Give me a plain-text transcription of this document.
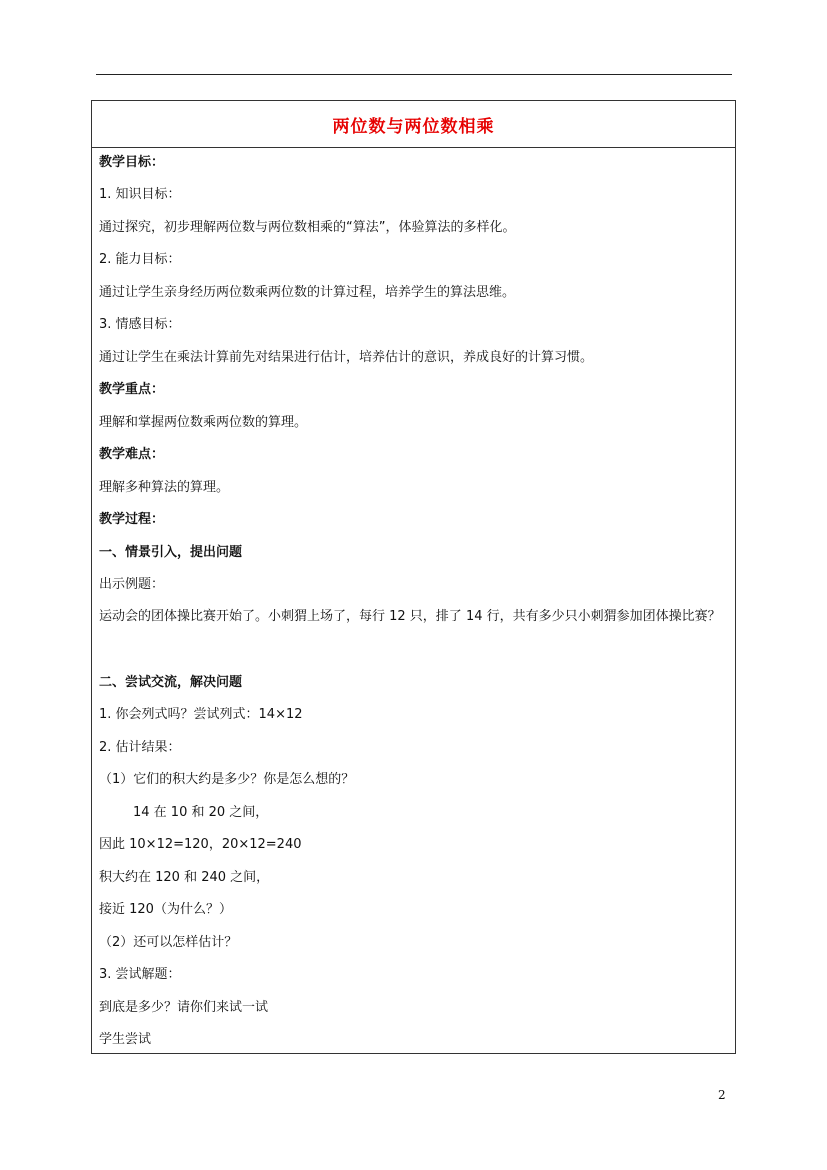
两位数与两位数相乘
教学目标：
1. 知识目标：
通过探究，初步理解两位数与两位数相乘的“算法”，体验算法的多样化。
2. 能力目标：
通过让学生亲身经历两位数乘两位数的计算过程，培养学生的算法思维。
3. 情感目标：
通过让学生在乘法计算前先对结果进行估计，培养估计的意识，养成良好的计算习惯。
教学重点：
理解和掌握两位数乘两位数的算理。
教学难点：
理解多种算法的算理。
教学过程：
一、情景引入，提出问题
出示例题：
运动会的团体操比赛开始了。小刺猬上场了，每行 12 只，排了 14 行，共有多少只小刺猬参加团体操比赛？
二、尝试交流，解决问题
1. 你会列式吗？尝试列式：14×12
2. 估计结果：
（1）它们的积大约是多少？你是怎么想的？
14 在 10 和 20 之间，
因此 10×12=120，20×12=240
积大约在 120 和 240 之间，
接近 120（为什么？）
（2）还可以怎样估计？
3. 尝试解题：
到底是多少？请你们来试一试
学生尝试
2
